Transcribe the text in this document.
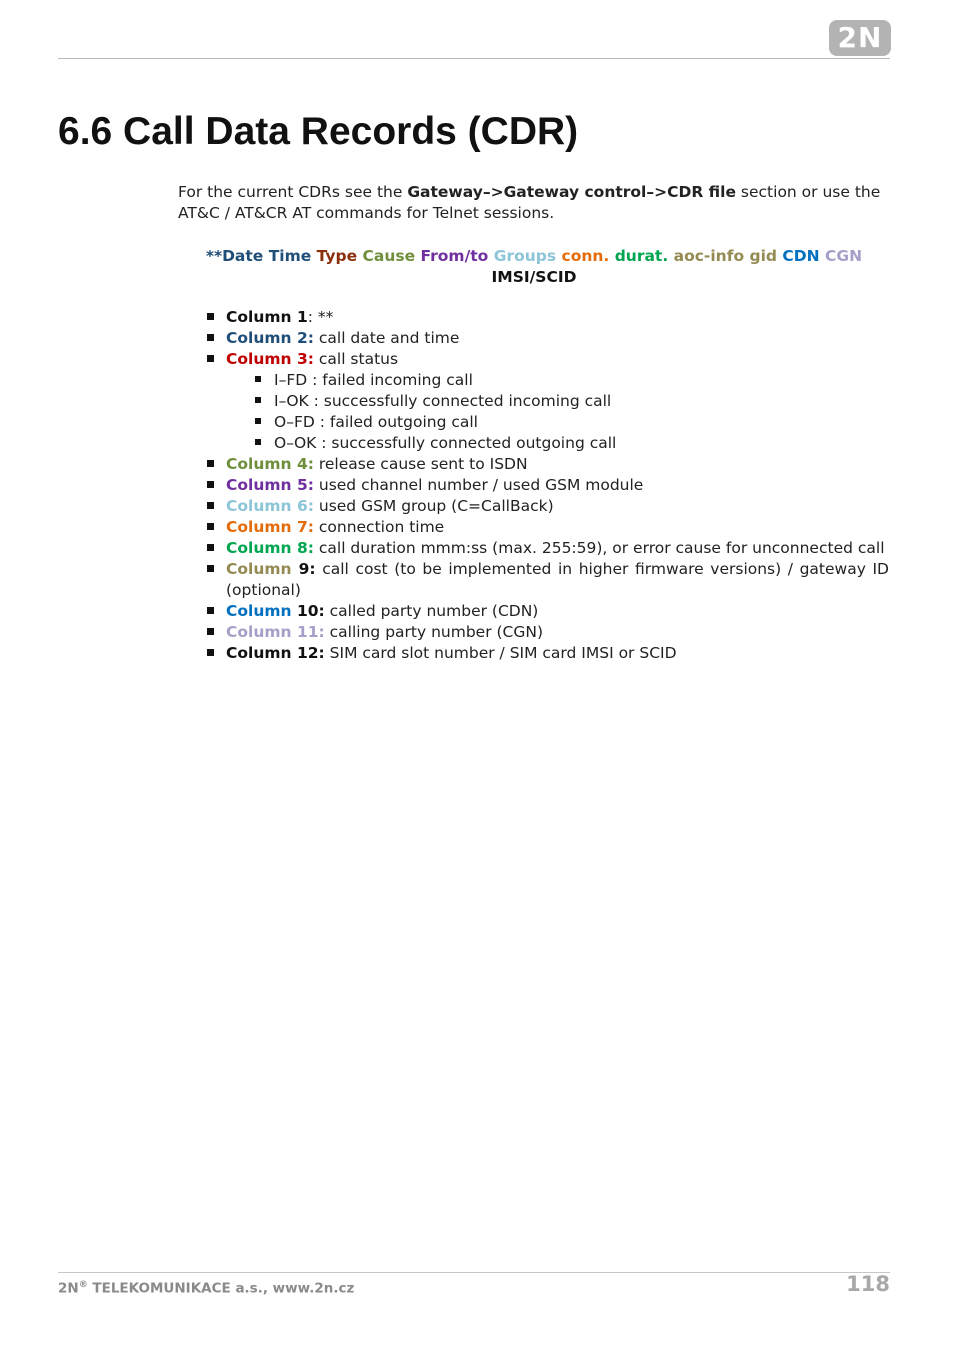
2N
6.6 Call Data Records (CDR)

For the current CDRs see the Gateway–>Gateway control–>CDR file section or use the AT&C / AT&CR AT commands for Telnet sessions.

**Date Time Type Cause From/to Groups conn. durat. aoc-info gid CDN CGN
IMSI/SCID

Column 1: **
Column 2: call date and time
Column 3: call status
I–FD : failed incoming call
I–OK : successfully connected incoming call
O–FD : failed outgoing call
O–OK : successfully connected outgoing call
Column 4: release cause sent to ISDN
Column 5: used channel number / used GSM module
Column 6: used GSM group (C=CallBack)
Column 7: connection time
Column 8: call duration mmm:ss (max. 255:59), or error cause for unconnected call
Column 9: call cost (to be implemented in higher firmware versions) / gateway ID (optional)
Column 10: called party number (CDN)
Column 11: calling party number (CGN)
Column 12: SIM card slot number / SIM card IMSI or SCID
2N® TELEKOMUNIKACE a.s., www.2n.cz	118
